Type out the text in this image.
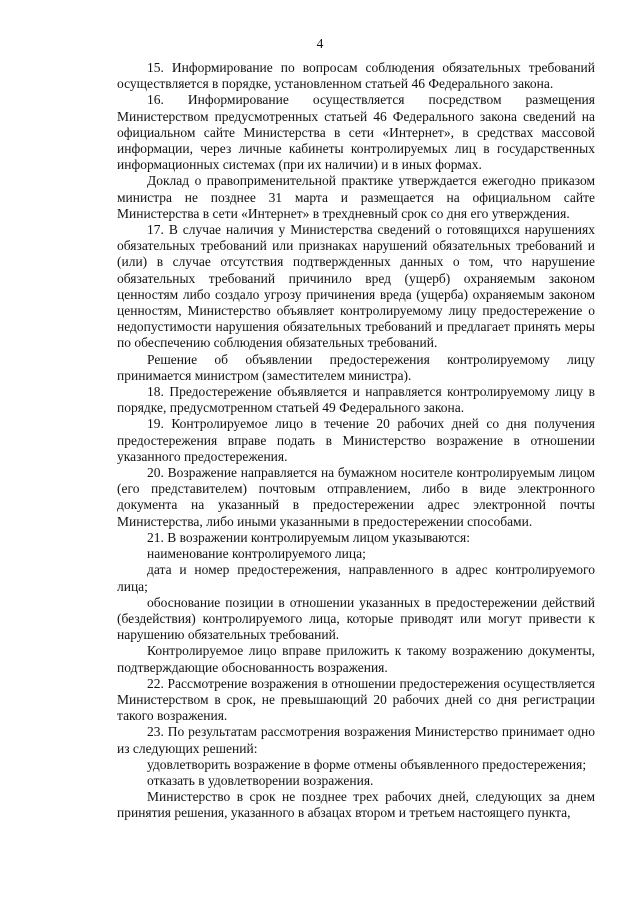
4

15. Информирование по вопросам соблюдения обязательных требований осуществляется в порядке, установленном статьей 46 Федерального закона.

16. Информирование осуществляется посредством размещения Министерством предусмотренных статьей 46 Федерального закона сведений на официальном сайте Министерства в сети «Интернет», в средствах массовой информации, через личные кабинеты контролируемых лиц в государственных информационных системах (при их наличии) и в иных формах.

Доклад о правоприменительной практике утверждается ежегодно приказом министра не позднее 31 марта и размещается на официальном сайте Министерства в сети «Интернет» в трехдневный срок со дня его утверждения.

17. В случае наличия у Министерства сведений о готовящихся нарушениях обязательных требований или признаках нарушений обязательных требований и (или) в случае отсутствия подтвержденных данных о том, что нарушение обязательных требований причинило вред (ущерб) охраняемым законом ценностям либо создало угрозу причинения вреда (ущерба) охраняемым законом ценностям, Министерство объявляет контролируемому лицу предостережение о недопустимости нарушения обязательных требований и предлагает принять меры по обеспечению соблюдения обязательных требований.

Решение об объявлении предостережения контролируемому лицу принимается министром (заместителем министра).

18. Предостережение объявляется и направляется контролируемому лицу в порядке, предусмотренном статьей 49 Федерального закона.

19. Контролируемое лицо в течение 20 рабочих дней со дня получения предостережения вправе подать в Министерство возражение в отношении указанного предостережения.

20. Возражение направляется на бумажном носителе контролируемым лицом (его представителем) почтовым отправлением, либо в виде электронного документа на указанный в предостережении адрес электронной почты Министерства, либо иными указанными в предостережении способами.

21. В возражении контролируемым лицом указываются:

наименование контролируемого лица;

дата и номер предостережения, направленного в адрес контролируемого лица;

обоснование позиции в отношении указанных в предостережении действий (бездействия) контролируемого лица, которые приводят или могут привести к нарушению обязательных требований.

Контролируемое лицо вправе приложить к такому возражению документы, подтверждающие обоснованность возражения.

22. Рассмотрение возражения в отношении предостережения осуществляется Министерством в срок, не превышающий 20 рабочих дней со дня регистрации такого возражения.

23. По результатам рассмотрения возражения Министерство принимает одно из следующих решений:

удовлетворить возражение в форме отмены объявленного предостережения;

отказать в удовлетворении возражения.

Министерство в срок не позднее трех рабочих дней, следующих за днем принятия решения, указанного в абзацах втором и третьем настоящего пункта,
